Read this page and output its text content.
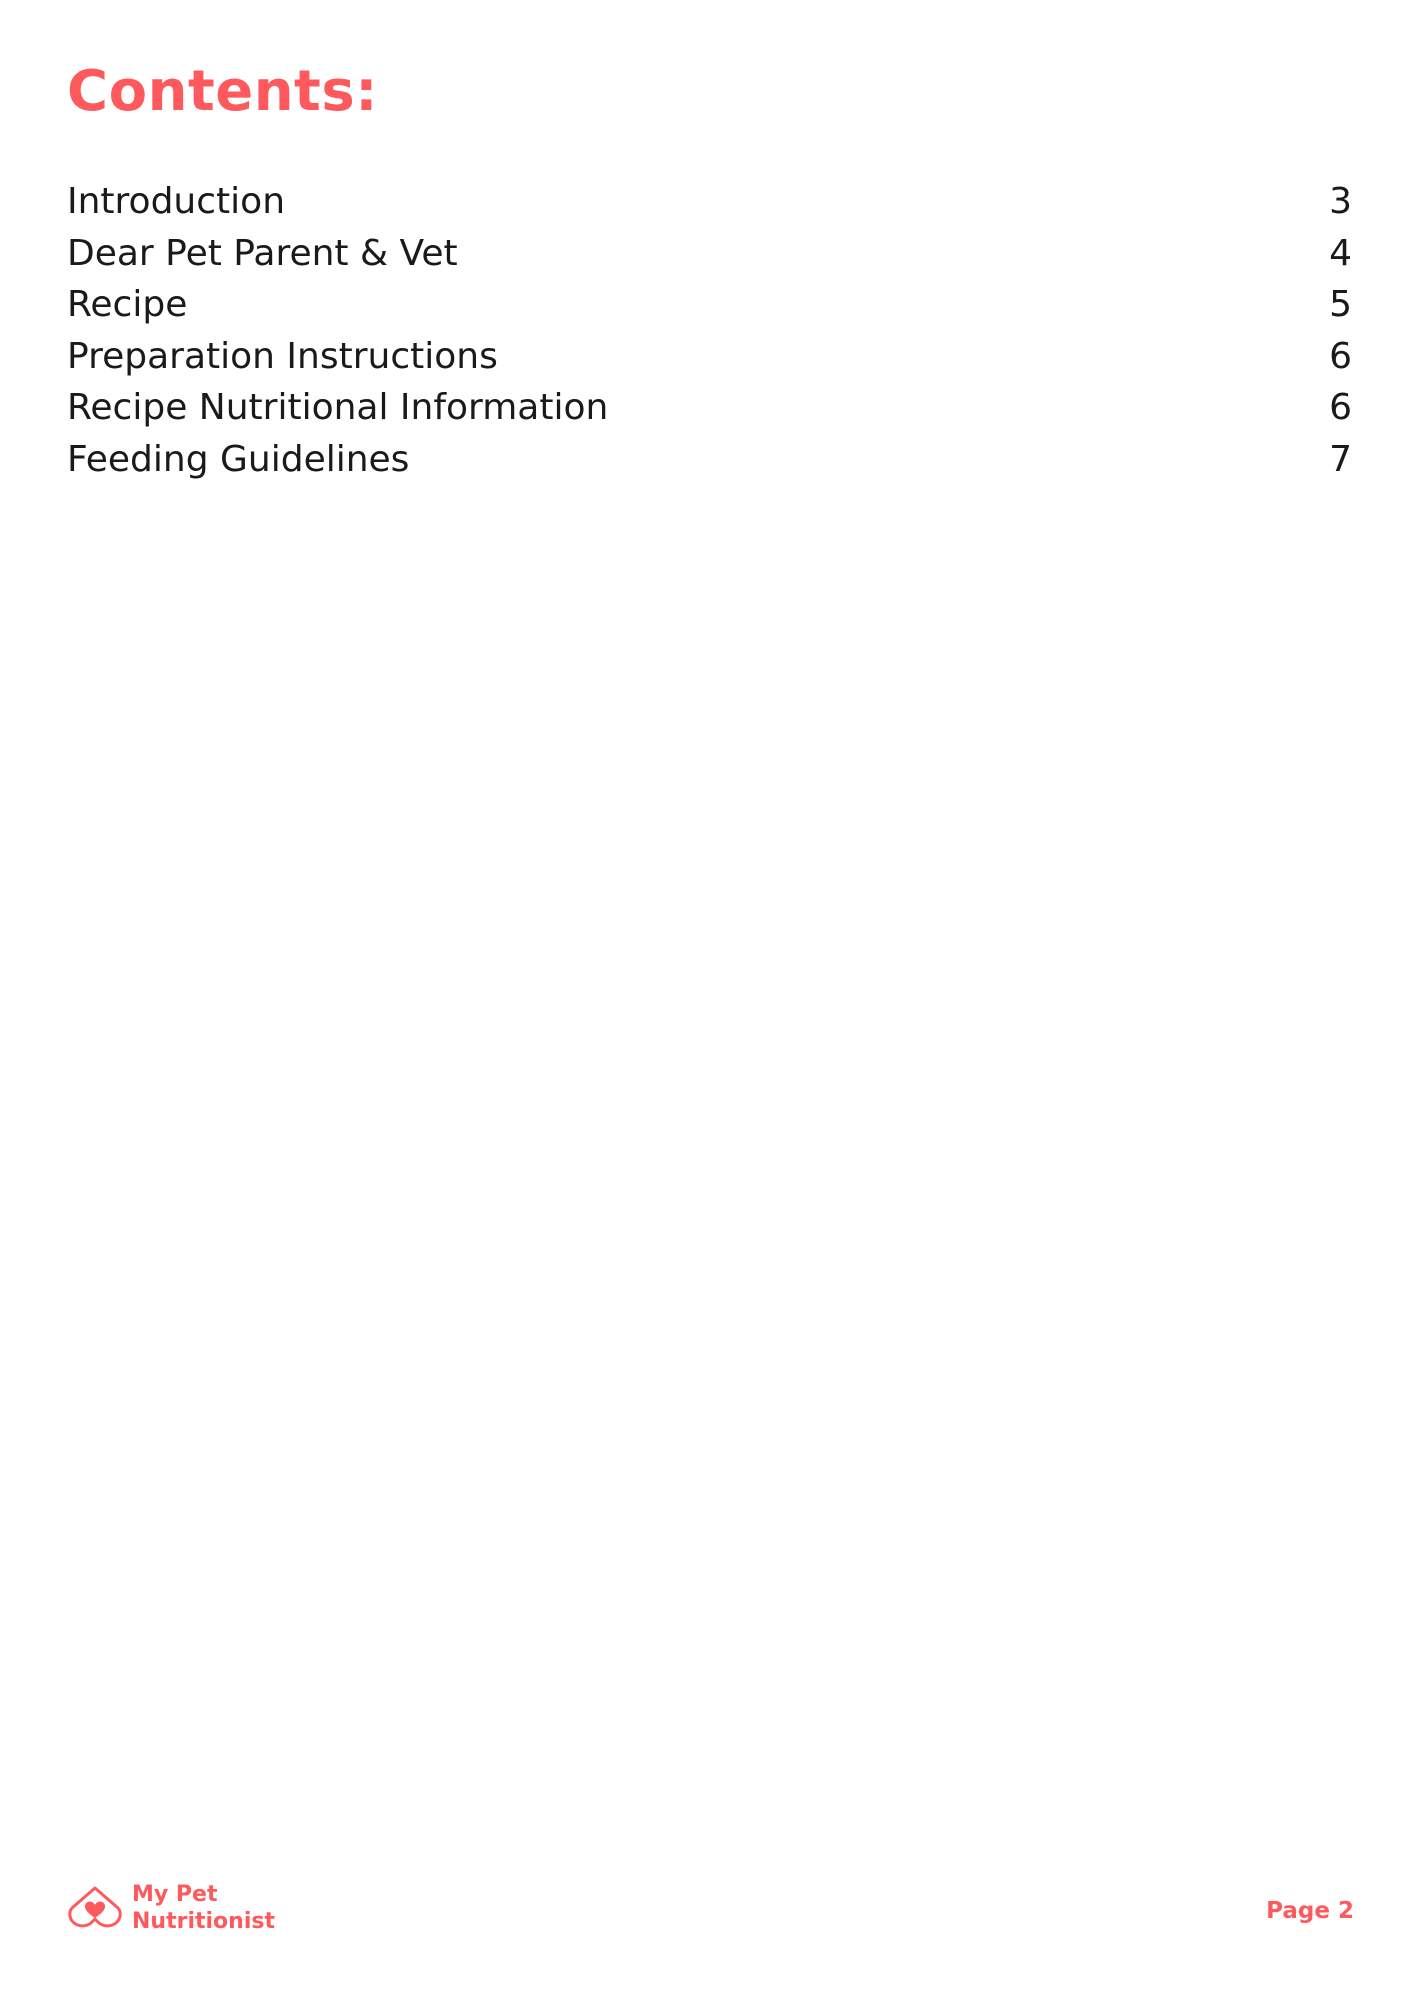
Contents:
Introduction	3
Dear Pet Parent & Vet	4
Recipe	5
Preparation Instructions	6
Recipe Nutritional Information	6
Feeding Guidelines	7
My Pet
Nutritionist	Page 2
